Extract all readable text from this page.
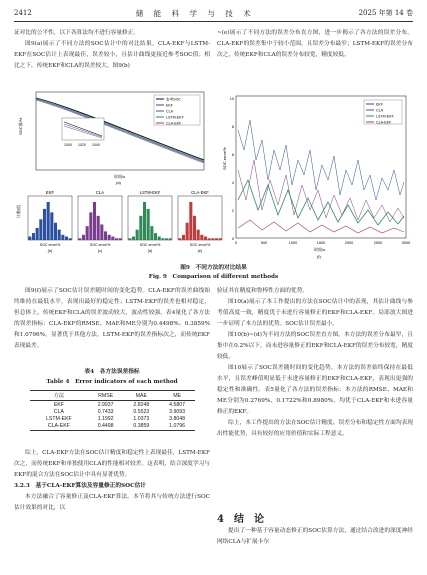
2412	储 能 科 学 与 技 术	2025 年第 14 卷

证对比的公平性，以下各算法均不进行容量修正。

图9(a)展示了不同方法的SOC估计中的对比结果。CLA-EKF与LSTM-EKF在SOC估计上表现最佳，误差较小，且估计曲线更接近参考SOC值；相比之下，传统EKF和CLA的误差较大。图9(b)

~(e)展示了不同方法的误差分布直方图，进一步揭示了各方法的误差分布。CLA-EKF的误差集中于较小范围，且误差分布最窄；LSTM-EKF的误差分布次之，传统EKF和CLA的误差分布较宽，精度较低。

1000 1020 1040
参考SOC
EKF
CLA
LSTM-EKF
CLA-EKF
SOC值/%
时间/s
(a)
计数/组
EKF
SOC error/%
(b)
CLA
SOC error/%
(c)
LSTM-EKF
SOC error/%
(d)
CLA-EKF
SOC error/%
(e)
EKF
CLA
LSTM-EKF
CLA-EKF
10
8
6
4
2
0
0	500	1000	1500	2000	2500	3000
SOC error/%
时间/s
(f)
图9　不同方法的对比结果
Fig. 9　Comparison of different methods

图9(f)展示了SOC估计误差随时间的变化趋势。CLA-EKF的误差曲线始终维持在最低水平，表现出最好的稳定性；LSTM-EKF的误差也相对稳定，但总体上，传统EKF和CLA的误差波动较大，波动性较强。表4量化了各方法的误差指标：CLA-EKF的RMSE、MAE和ME分别为0.4498%、0.3859%和1.0796%，显著优于其他方法。LSTM-EKF的误差指标次之，而传统EKF表现最差。

表4　各方法误差指标
Table 4　Error indicators of each method
方法	RMSE	MAE	ME
EKF	2.9937	2.8248	4.5807
CLA	0.7433	0.5523	3.9093
LSTM-EKF	1.1992	1.0373	3.8048
CLA-EKF	0.4498	0.3859	1.0796

综上，CLA-EKF方法在SOC估计精度和稳定性上表现最佳，LSTM-EKF次之，而传统EKF和单独使用CLA的性能相对较差。这表明，结合深度学习与EKF的混合方法在SOC估计中具有显著优势。

3.2.3　基于CLA-EKF算法及容量修正的SOC估计

本方法融合了容量修正及CLA-EKF算法。本节将其与传统方法进行SOC估计效果的对比，以

验证其在精度和鲁棒性方面的优势。

图10(a)展示了本工作提出的方法在SOC估计中的表现，其估计曲线与参考值高度一致，精度优于未进行容量修正的EKF和CLA-EKF。局部放大图进一步证明了本方法的优势。SOC估计误差最小。

图10(b)~(d)为不同方法的SOC误差直方图。本方法的误差分布最窄，且集中在0.2%以下，而未进容量修正的EKF和CLA-EKF的误差分布较宽，精度较低。

图10展示了SOC误差随时间的变化趋势。本方法的误差始终保持在最低水平，且误差峰值明显低于未进容量修正的EKF和CLA-EKF，表现出更强的稳定性和准确性。表5量化了各方法的误差指标：本方法的RMSE、MAE和ME分别为0.2769%、0.1722%和0.8980%，均优于CLA-EKF和未进容量修正的EKF。

综上，本工作提出的方法在SOC估计精度、误差分布和稳定性方面均表现出性能优势，具有较好的应用价值和实际工程意义。

4　结　论

提出了一种基于容量动态修正的SOC估算方法，通过结合改进的深度神经网络CLA与扩展卡尔
